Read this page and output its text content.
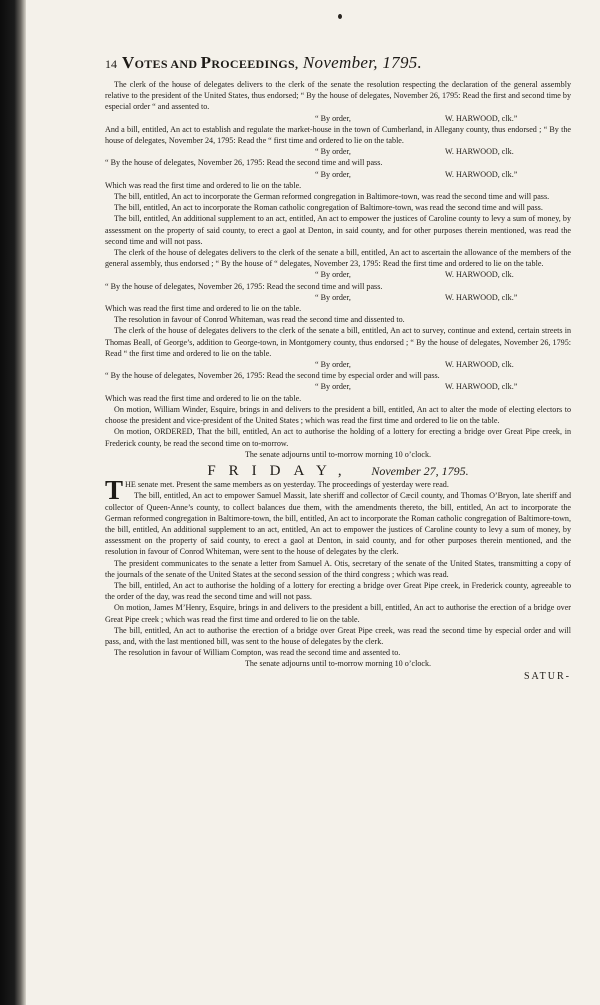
14 VOTES AND PROCEEDINGS, November, 1795.

The clerk of the house of delegates delivers to the clerk of the senate the resolution respecting the declaration of the general assembly relative to the president of the United States, thus endorsed; “ By the house of delegates, November 26, 1795: Read the first and second time by especial order “ and assented to.

“ By order,	W. HARWOOD, clk.”

And a bill, entitled, An act to establish and regulate the market-house in the town of Cumberland, in Allegany county, thus endorsed ; “ By the house of delegates, November 24, 1795: Read the “ first time and ordered to lie on the table.

“ By order,	W. HARWOOD, clk.

“ By the house of delegates, November 26, 1795: Read the second time and will pass.

“ By order,	W. HARWOOD, clk.”

Which was read the first time and ordered to lie on the table.

The bill, entitled, An act to incorporate the German reformed congregation in Baltimore-town, was read the second time and will pass.

The bill, entitled, An act to incorporate the Roman catholic congregation of Baltimore-town, was read the second time and will pass.

The bill, entitled, An additional supplement to an act, entitled, An act to empower the justices of Caroline county to levy a sum of money, by assessment on the property of said county, to erect a gaol at Denton, in said county, and for other purposes therein mentioned, was read the second time and will not pass.

The clerk of the house of delegates delivers to the clerk of the senate a bill, entitled, An act to ascertain the allowance of the members of the general assembly, thus endorsed ; “ By the house of “ delegates, November 23, 1795: Read the first time and ordered to lie on the table.

“ By order,	W. HARWOOD, clk.

“ By the house of delegates, November 26, 1795: Read the second time and will pass.

“ By order,	W. HARWOOD, clk.”

Which was read the first time and ordered to lie on the table.

The resolution in favour of Conrod Whiteman, was read the second time and dissented to.

The clerk of the house of delegates delivers to the clerk of the senate a bill, entitled, An act to survey, continue and extend, certain streets in Thomas Beall, of George’s, addition to George-town, in Montgomery county, thus endorsed ; “ By the house of delegates, November 26, 1795: Read “ the first time and ordered to lie on the table.

“ By order,	W. HARWOOD, clk.

“ By the house of delegates, November 26, 1795: Read the second time by especial order and will pass.

“ By order,	W. HARWOOD, clk.”

Which was read the first time and ordered to lie on the table.

On motion, William Winder, Esquire, brings in and delivers to the president a bill, entitled, An act to alter the mode of electing electors to choose the president and vice-president of the United States ; which was read the first time and ordered to lie on the table.

On motion, ORDERED, That the bill, entitled, An act to authorise the holding of a lottery for erecting a bridge over Great Pipe creek, in Frederick county, be read the second time on to-morrow.

The senate adjourns until to-morrow morning 10 o’clock.

FRIDAY, November 27, 1795.

THE senate met. Present the same members as on yesterday. The proceedings of yesterday were read.

The bill, entitled, An act to empower Samuel Massit, late sheriff and collector of Cæcil county, and Thomas O’Bryon, late sheriff and collector of Queen-Anne’s county, to collect balances due them, with the amendments thereto, the bill, entitled, An act to incorporate the German reformed congregation in Baltimore-town, the bill, entitled, An act to incorporate the Roman catholic congregation of Baltimore-town, the bill, entitled, An additional supplement to an act, entitled, An act to empower the justices of Caroline county to levy a sum of money, by assessment on the property of said county, to erect a gaol at Denton, in said county, and for other purposes therein mentioned, and the resolution in favour of Conrod Whiteman, were sent to the house of delegates by the clerk.

The president communicates to the senate a letter from Samuel A. Otis, secretary of the senate of the United States, transmitting a copy of the journals of the senate of the United States at the second session of the third congress ; which was read.

The bill, entitled, An act to authorise the holding of a lottery for erecting a bridge over Great Pipe creek, in Frederick county, agreeable to the order of the day, was read the second time and will not pass.

On motion, James M’Henry, Esquire, brings in and delivers to the president a bill, entitled, An act to authorise the erection of a bridge over Great Pipe creek ; which was read the first time and ordered to lie on the table.

The bill, entitled, An act to authorise the erection of a bridge over Great Pipe creek, was read the second time by especial order and will pass, and, with the last mentioned bill, was sent to the house of delegates by the clerk.

The resolution in favour of William Compton, was read the second time and assented to.

The senate adjourns until to-morrow morning 10 o’clock.

SATUR-
